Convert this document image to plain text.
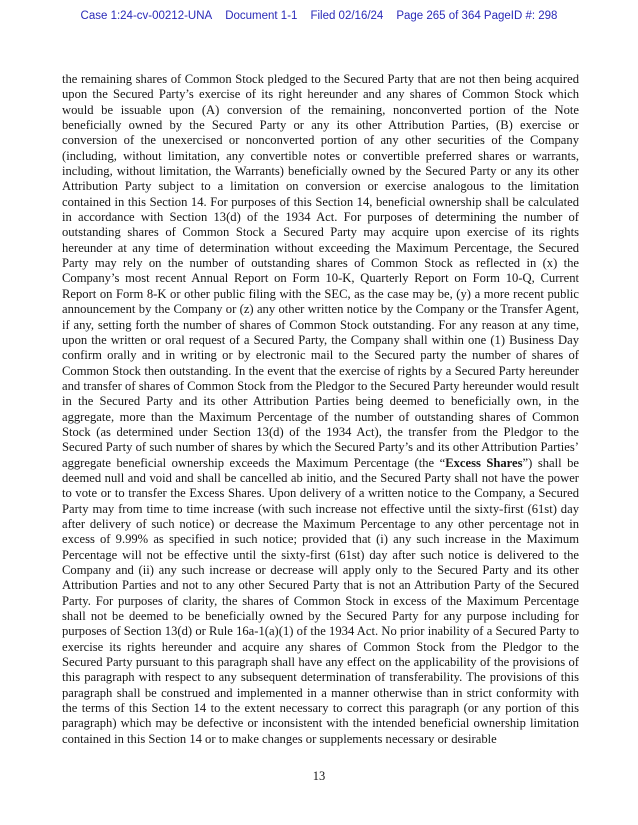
Case 1:24-cv-00212-UNA Document 1-1 Filed 02/16/24 Page 265 of 364 PageID #: 298

the remaining shares of Common Stock pledged to the Secured Party that are not then being acquired upon the Secured Party’s exercise of its right hereunder and any shares of Common Stock which would be issuable upon (A) conversion of the remaining, nonconverted portion of the Note beneficially owned by the Secured Party or any its other Attribution Parties, (B) exercise or conversion of the unexercised or nonconverted portion of any other securities of the Company (including, without limitation, any convertible notes or convertible preferred shares or warrants, including, without limitation, the Warrants) beneficially owned by the Secured Party or any its other Attribution Party subject to a limitation on conversion or exercise analogous to the limitation contained in this Section 14. For purposes of this Section 14, beneficial ownership shall be calculated in accordance with Section 13(d) of the 1934 Act. For purposes of determining the number of outstanding shares of Common Stock a Secured Party may acquire upon exercise of its rights hereunder at any time of determination without exceeding the Maximum Percentage, the Secured Party may rely on the number of outstanding shares of Common Stock as reflected in (x) the Company’s most recent Annual Report on Form 10-K, Quarterly Report on Form 10-Q, Current Report on Form 8-K or other public filing with the SEC, as the case may be, (y) a more recent public announcement by the Company or (z) any other written notice by the Company or the Transfer Agent, if any, setting forth the number of shares of Common Stock outstanding. For any reason at any time, upon the written or oral request of a Secured Party, the Company shall within one (1) Business Day confirm orally and in writing or by electronic mail to the Secured party the number of shares of Common Stock then outstanding. In the event that the exercise of rights by a Secured Party hereunder and transfer of shares of Common Stock from the Pledgor to the Secured Party hereunder would result in the Secured Party and its other Attribution Parties being deemed to beneficially own, in the aggregate, more than the Maximum Percentage of the number of outstanding shares of Common Stock (as determined under Section 13(d) of the 1934 Act), the transfer from the Pledgor to the Secured Party of such number of shares by which the Secured Party’s and its other Attribution Parties’ aggregate beneficial ownership exceeds the Maximum Percentage (the “Excess Shares”) shall be deemed null and void and shall be cancelled ab initio, and the Secured Party shall not have the power to vote or to transfer the Excess Shares. Upon delivery of a written notice to the Company, a Secured Party may from time to time increase (with such increase not effective until the sixty-first (61st) day after delivery of such notice) or decrease the Maximum Percentage to any other percentage not in excess of 9.99% as specified in such notice; provided that (i) any such increase in the Maximum Percentage will not be effective until the sixty-first (61st) day after such notice is delivered to the Company and (ii) any such increase or decrease will apply only to the Secured Party and its other Attribution Parties and not to any other Secured Party that is not an Attribution Party of the Secured Party. For purposes of clarity, the shares of Common Stock in excess of the Maximum Percentage shall not be deemed to be beneficially owned by the Secured Party for any purpose including for purposes of Section 13(d) or Rule 16a-1(a)(1) of the 1934 Act. No prior inability of a Secured Party to exercise its rights hereunder and acquire any shares of Common Stock from the Pledgor to the Secured Party pursuant to this paragraph shall have any effect on the applicability of the provisions of this paragraph with respect to any subsequent determination of transferability. The provisions of this paragraph shall be construed and implemented in a manner otherwise than in strict conformity with the terms of this Section 14 to the extent necessary to correct this paragraph (or any portion of this paragraph) which may be defective or inconsistent with the intended beneficial ownership limitation contained in this Section 14 or to make changes or supplements necessary or desirable

13
